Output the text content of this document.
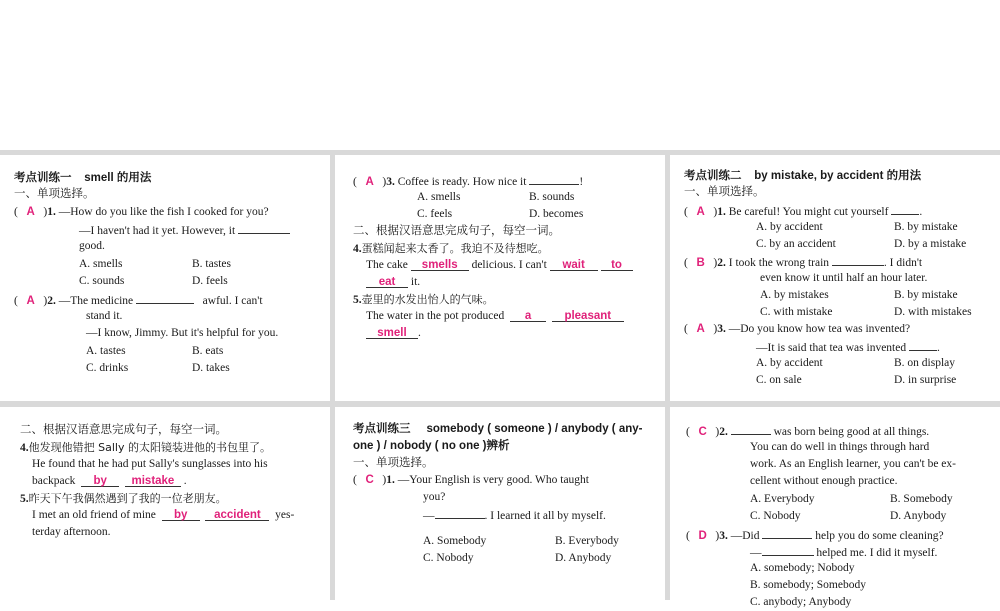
考点训练一 smell 的用法
一、单项选择。
(   A   )1. —How do you like the fish I cooked for you?
—I haven't had it yet. However, it
good.
A. smells	B. tastes
C. sounds	D. feels
(   A   )2. —The medicine	awful. I can't
stand it.
—I know, Jimmy. But it's helpful for you.
A. tastes	B. eats
C. drinks	D. takes
(   A   )3. Coffee is ready. How nice it	!
A. smells	B. sounds
C. feels	D. becomes
二、根据汉语意思完成句子，每空一词。
4.蛋糕闻起来太香了。我迫不及待想吃。
The cake smells delicious. I can't wait to
eat it.
5.壶里的水发出怡人的气味。
The water in the pot produced a	pleasant
smell .
考点训练二 by mistake, by accident 的用法
一、单项选择。
(   A   )1. Be careful! You might cut yourself	.
A. by accident	B. by mistake
C. by an accident	D. by a mistake
(   B   )2. I took the wrong train	. I didn't
even know it until half an hour later.
A. by mistakes	B. by mistake
C. with mistake	D. with mistakes
(   A   )3. —Do you know how tea was invented?
—It is said that tea was invented	.
A. by accident	B. on display
C. on sale	D. in surprise
二、根据汉语意思完成句子，每空一词。
4.他发现他错把 Sally 的太阳镜装进他的书包里了。
He found that he had put Sally's sunglasses into his
backpack by mistake .
5.昨天下午我偶然遇到了我的一位老朋友。
I met an old friend of mine by accident yes-
terday afternoon.
考点训练三 somebody ( someone ) / anybody ( any-
one ) / nobody ( no one )辨析
一、单项选择。
(   C   )1. —Your English is very good. Who taught
you?
—	. I learned it all by myself.
A. Somebody	B. Everybody
C. Nobody	D. Anybody
(   C   )2.	was born being good at all things.
You can do well in things through hard
work. As an English learner, you can't be ex-
cellent without enough practice.
A. Everybody	B. Somebody
C. Nobody	D. Anybody
(   D   )3. —Did	help you do some cleaning?
—	helped me. I did it myself.
A. somebody; Nobody
B. somebody; Somebody
C. anybody; Anybody
